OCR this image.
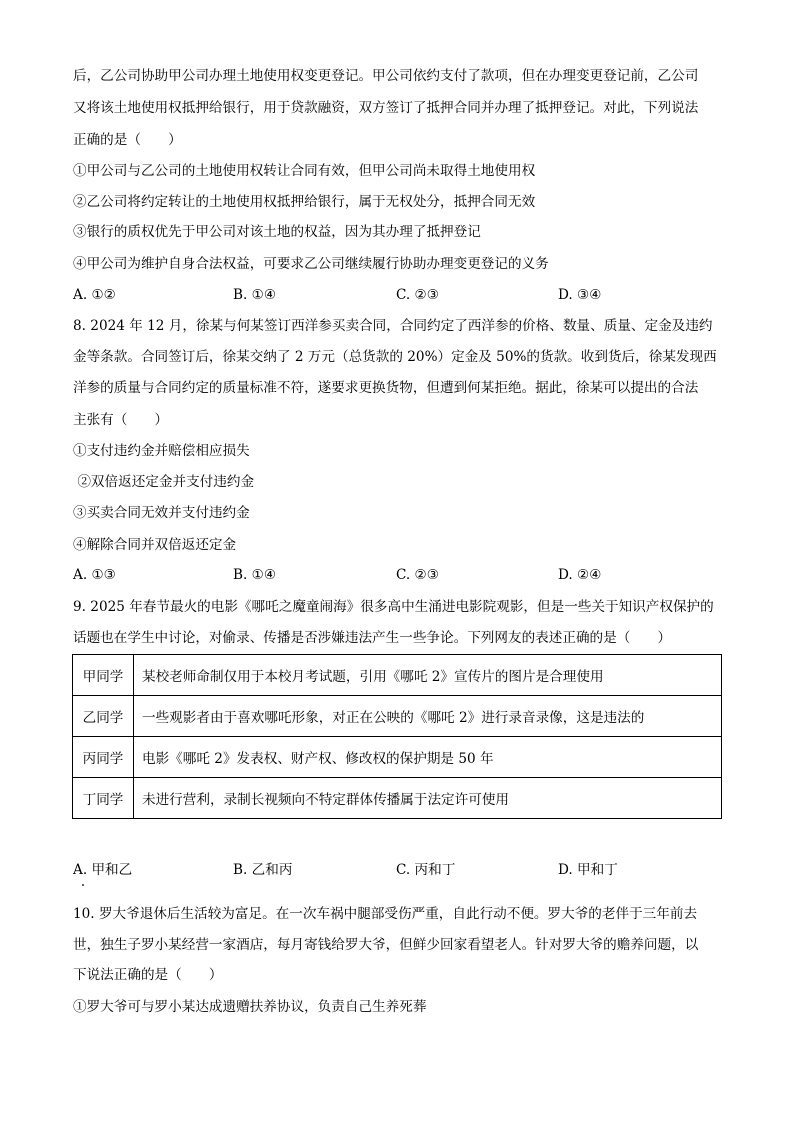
后，乙公司协助甲公司办理土地使用权变更登记。甲公司依约支付了款项，但在办理变更登记前，乙公司
又将该土地使用权抵押给银行，用于贷款融资，双方签订了抵押合同并办理了抵押登记。对此，下列说法
正确的是（　　）
①甲公司与乙公司的土地使用权转让合同有效，但甲公司尚未取得土地使用权
②乙公司将约定转让的土地使用权抵押给银行，属于无权处分，抵押合同无效
③银行的质权优先于甲公司对该土地的权益，因为其办理了抵押登记
④甲公司为维护自身合法权益，可要求乙公司继续履行协助办理变更登记的义务
A. ①②	B. ①④	C. ②③	D. ③④
8. 2024 年 12 月，徐某与何某签订西洋参买卖合同，合同约定了西洋参的价格、数量、质量、定金及违约
金等条款。合同签订后，徐某交纳了 2 万元（总货款的 20%）定金及 50%的货款。收到货后，徐某发现西
洋参的质量与合同约定的质量标准不符，遂要求更换货物，但遭到何某拒绝。据此，徐某可以提出的合法
主张有（　　）
①支付违约金并赔偿相应损失
②双倍返还定金并支付违约金
③买卖合同无效并支付违约金
④解除合同并双倍返还定金
A. ①③	B. ①④	C. ②③	D. ②④
9. 2025 年春节最火的电影《哪吒之魔童闹海》很多高中生涌进电影院观影，但是一些关于知识产权保护的
话题也在学生中讨论，对偷录、传播是否涉嫌违法产生一些争论。下列网友的表述正确的是（　　）
甲同学	某校老师命制仅用于本校月考试题，引用《哪吒 2》宣传片的图片是合理使用
乙同学	一些观影者由于喜欢哪吒形象，对正在公映的《哪吒 2》进行录音录像，这是违法的
丙同学	电影《哪吒 2》发表权、财产权、修改权的保护期是 50 年
丁同学	未进行营利，录制长视频向不特定群体传播属于法定许可使用
A. 甲和乙	B. 乙和丙	C. 丙和丁	D. 甲和丁
10. 罗大爷退休后生活较为富足。在一次车祸中腿部受伤严重，自此行动不便。罗大爷的老伴于三年前去
世，独生子罗小某经营一家酒店，每月寄钱给罗大爷，但鲜少回家看望老人。针对罗大爷的赡养问题，以
下说法正确的是（　　）
①罗大爷可与罗小某达成遗赠扶养协议，负责自己生养死葬
